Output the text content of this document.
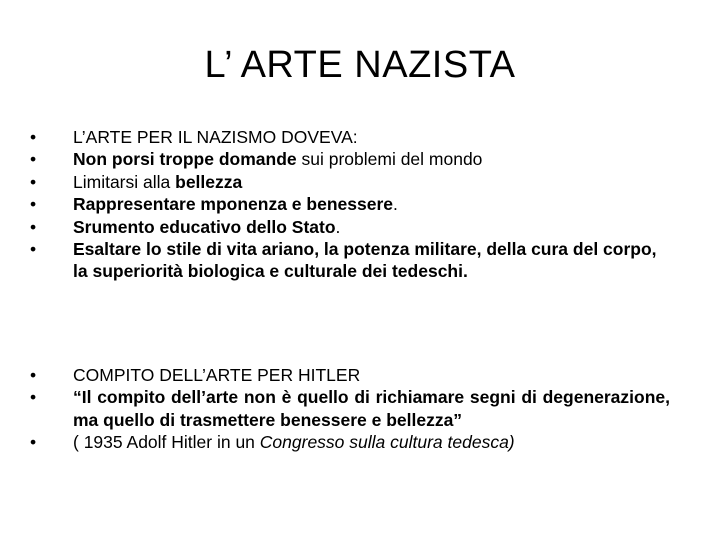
L’ ARTE NAZISTA
•	L’ARTE PER IL NAZISMO DOVEVA:
•	Non porsi troppe domande sui problemi del mondo
•	Limitarsi alla bellezza
•	Rappresentare mponenza e benessere.
•	Srumento educativo dello Stato.
•	Esaltare lo stile di vita ariano, la potenza militare, della cura del corpo, la superiorità biologica e culturale dei tedeschi.
•	COMPITO DELL’ARTE PER HITLER
•	“Il compito dell’arte non è quello di richiamare segni di degenerazione, ma quello di trasmettere benessere e bellezza”
•	( 1935 Adolf Hitler in un Congresso sulla cultura tedesca)
